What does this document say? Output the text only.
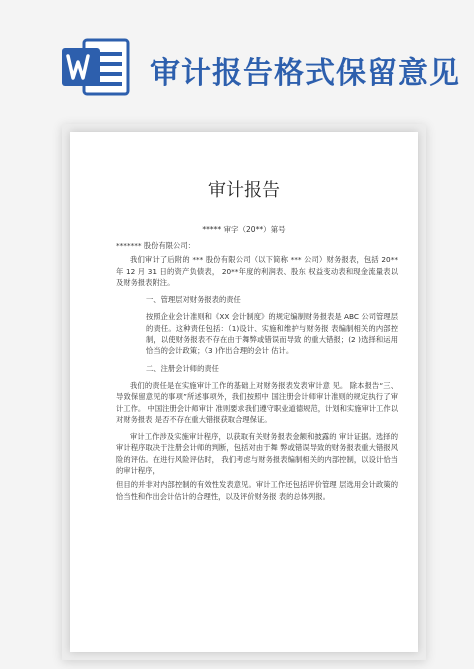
审计报告格式保留意见
审计报告
***** 审字（20**）第号

******* 股份有限公司：

我们审计了后附的 *** 股份有限公司（以下简称 *** 公司）财务报表，包括 20** 年 12 月 31 日的资产负债表， 20**年度的利润表、股东 权益变动表和现金流量表以及财务报表附注。

一、管理层对财务报表的责任

按照企业会计准则和《XX 会计制度》的规定编制财务报表是 ABC 公司管理层的责任。这种责任包括：（1)设计、实施和维护与财务报 表编制相关的内部控制，以使财务报表不存在由于舞弊或错误而导致 的重大错报；(2 )选择和运用恰当的会计政策；（3 )作出合理的会计 估计。

二、注册会计师的责任

我们的责任是在实施审计工作的基础上对财务报表发表审计意 见。 除本报告“三、导致保留意见的事项”所述事项外，我们按照中 国注册会计师审计准则的规定执行了审计工作。 中国注册会计师审计 准则要求我们遵守职业道德规范，计划和实施审计工作以对财务报表 是否不存在重大错报获取合理保证。

审计工作涉及实施审计程序，以获取有关财务报表金额和披露的 审计证据。选择的审计程序取决于注册会计师的判断，包括对由于舞 弊或错误导致的财务报表重大错报风险的评估。在进行风险评估时， 我们考虑与财务报表编制相关的内部控制，以设计恰当的审计程序，

但目的并非对内部控制的有效性发表意见。审计工作还包括评价管理 层选用会计政策的恰当性和作出会计估计的合理性，以及评价财务报 表的总体列报。
